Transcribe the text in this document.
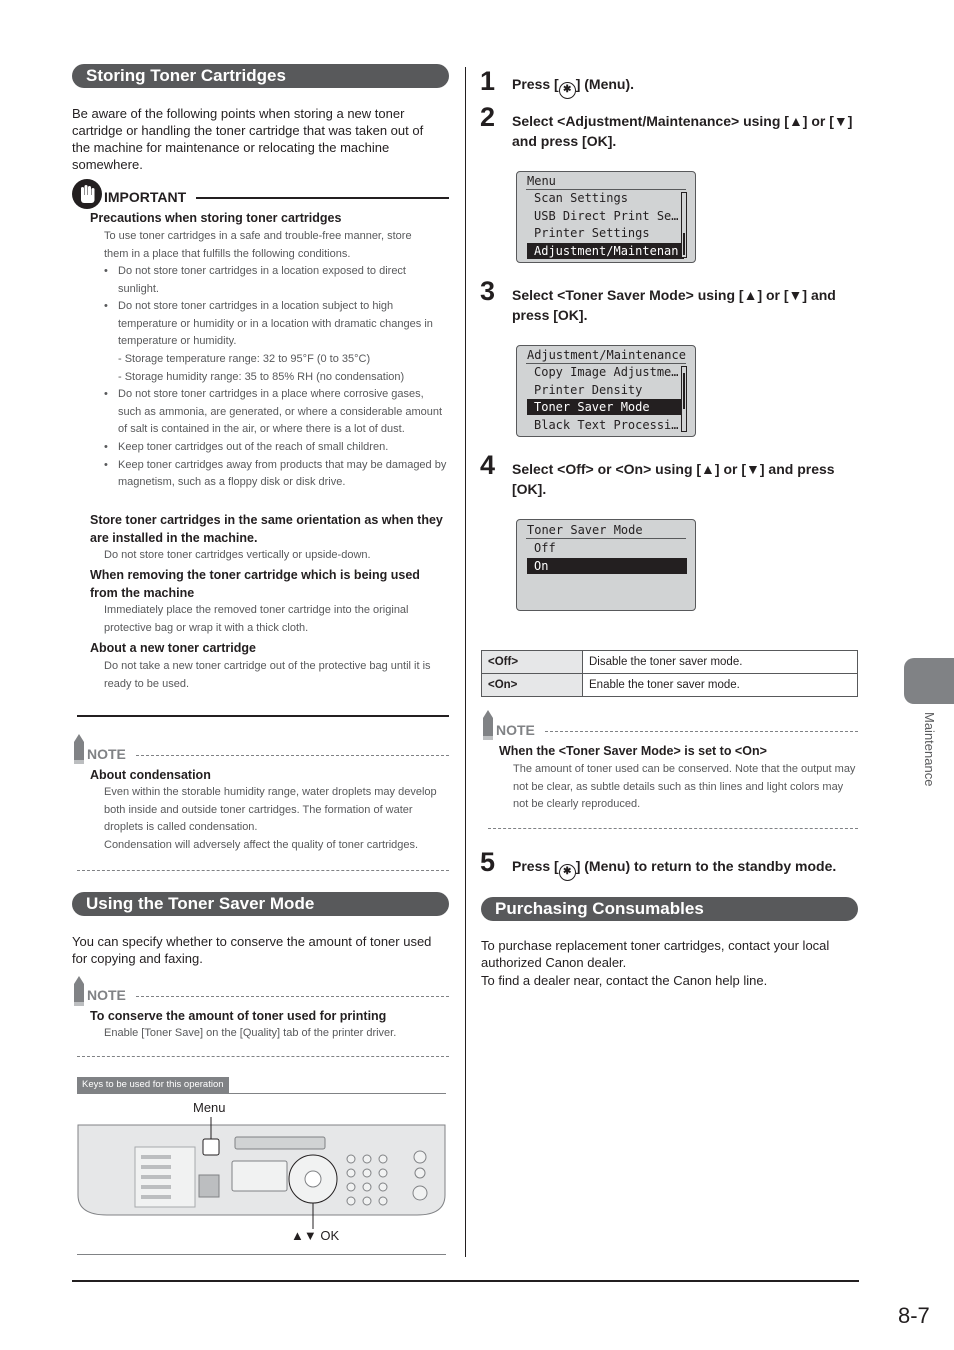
Storing Toner Cartridges
Be aware of the following points when storing a new toner cartridge or handling the toner cartridge that was taken out of the machine for maintenance or relocating the machine somewhere.
IMPORTANT
Precautions when storing toner cartridges
To use toner cartridges in a safe and trouble-free manner, store them in a place that fulfills the following conditions.
• Do not store toner cartridges in a location exposed to direct sunlight.
• Do not store toner cartridges in a location subject to high temperature or humidity or in a location with dramatic changes in temperature or humidity.
- Storage temperature range: 32 to 95°F (0 to 35°C)
- Storage humidity range: 35 to 85% RH (no condensation)
• Do not store toner cartridges in a place where corrosive gases, such as ammonia, are generated, or where a considerable amount of salt is contained in the air, or where there is a lot of dust.
• Keep toner cartridges out of the reach of small children.
• Keep toner cartridges away from products that may be damaged by magnetism, such as a floppy disk or disk drive.
Store toner cartridges in the same orientation as when they are installed in the machine.
Do not store toner cartridges vertically or upside-down.
When removing the toner cartridge which is being used from the machine
Immediately place the removed toner cartridge into the original protective bag or wrap it with a thick cloth.
About a new toner cartridge
Do not take a new toner cartridge out of the protective bag until it is ready to be used.
NOTE
About condensation
Even within the storable humidity range, water droplets may develop both inside and outside toner cartridges. The formation of water droplets is called condensation.
Condensation will adversely affect the quality of toner cartridges.
Using the Toner Saver Mode
You can specify whether to conserve the amount of toner used for copying and faxing.
NOTE
To conserve the amount of toner used for printing
Enable [Toner Save] on the [Quality] tab of the printer driver.
Keys to be used for this operation
Menu
▲▼ OK
1 Press [ ✱ ] (Menu).
2 Select <Adjustment/Maintenance> using [▲] or [▼] and press [OK].
Menu
Scan Settings
USB Direct Print Se…
Printer Settings
Adjustment/Maintenan
3 Select <Toner Saver Mode> using [▲] or [▼] and press [OK].
Adjustment/Maintenance
Copy Image Adjustme…
Printer Density
Toner Saver Mode
Black Text Processi…
4 Select <Off> or <On> using [▲] or [▼] and press [OK].
Toner Saver Mode
Off
On
<Off>	Disable the toner saver mode.
<On>	Enable the toner saver mode.
NOTE
When the <Toner Saver Mode> is set to <On>
The amount of toner used can be conserved. Note that the output may not be clear, as subtle details such as thin lines and light colors may not be clearly reproduced.
5 Press [ ✱ ] (Menu) to return to the standby mode.
Purchasing Consumables
To purchase replacement toner cartridges, contact your local authorized Canon dealer.
To find a dealer near, contact the Canon help line.
Maintenance
8-7
